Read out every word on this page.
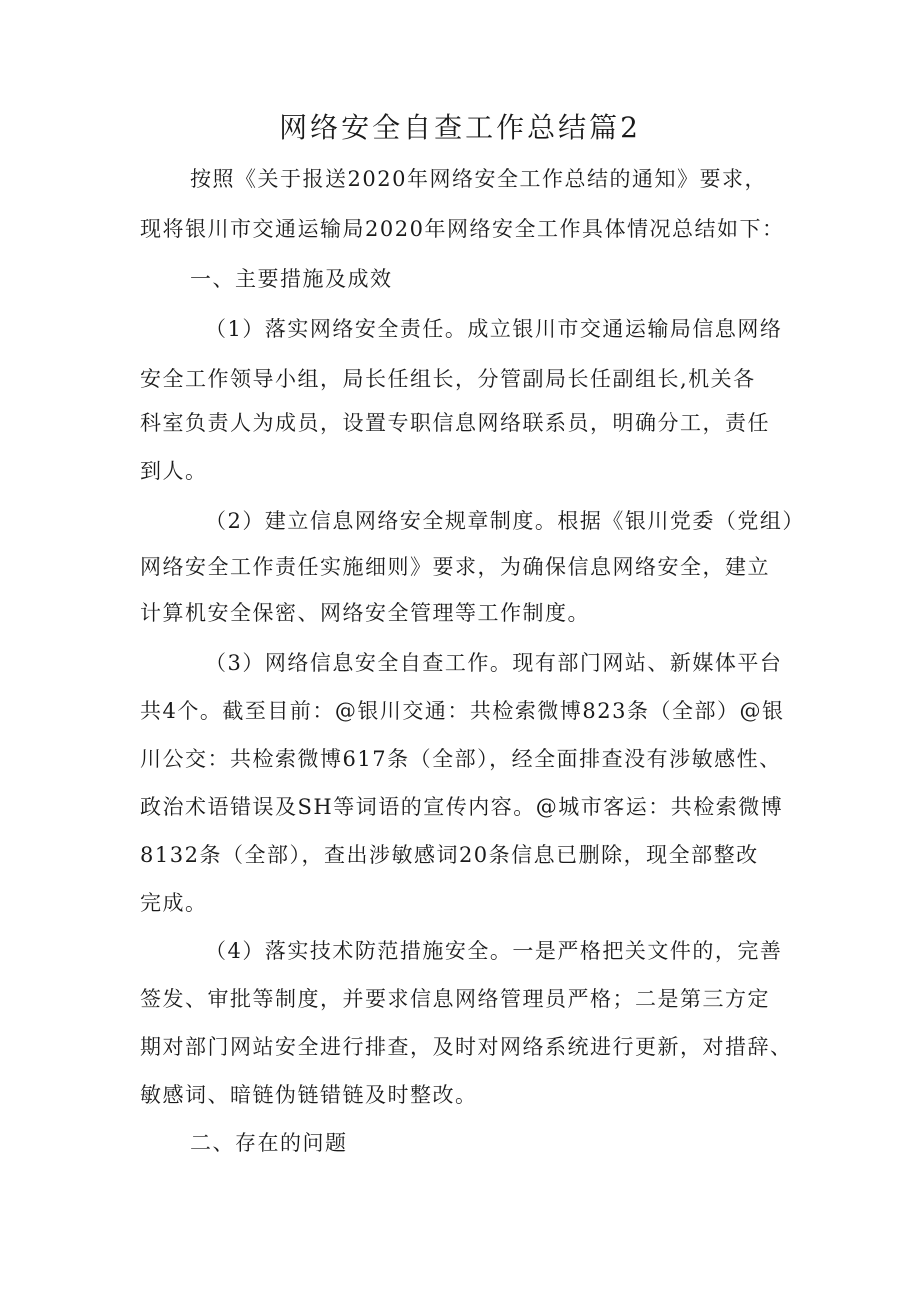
网络安全自查工作总结篇2
按照《关于报送2020年网络安全工作总结的通知》要求，
现将银川市交通运输局2020年网络安全工作具体情况总结如下：
一、主要措施及成效
（1）落实网络安全责任。成立银川市交通运输局信息网络
安全工作领导小组，局长任组长，分管副局长任副组长,机关各
科室负责人为成员，设置专职信息网络联系员，明确分工，责任
到人。
（2）建立信息网络安全规章制度。根据《银川党委（党组）
网络安全工作责任实施细则》要求，为确保信息网络安全，建立
计算机安全保密、网络安全管理等工作制度。
（3）网络信息安全自查工作。现有部门网站、新媒体平台
共4个。截至目前：@银川交通：共检索微博823条（全部）@银
川公交：共检索微博617条（全部），经全面排查没有涉敏感性、
政治术语错误及SH等词语的宣传内容。@城市客运：共检索微博
8132条（全部），查出涉敏感词20条信息已删除，现全部整改
完成。
（4）落实技术防范措施安全。一是严格把关文件的，完善
签发、审批等制度，并要求信息网络管理员严格；二是第三方定
期对部门网站安全进行排查，及时对网络系统进行更新，对措辞、
敏感词、暗链伪链错链及时整改。
二、存在的问题
